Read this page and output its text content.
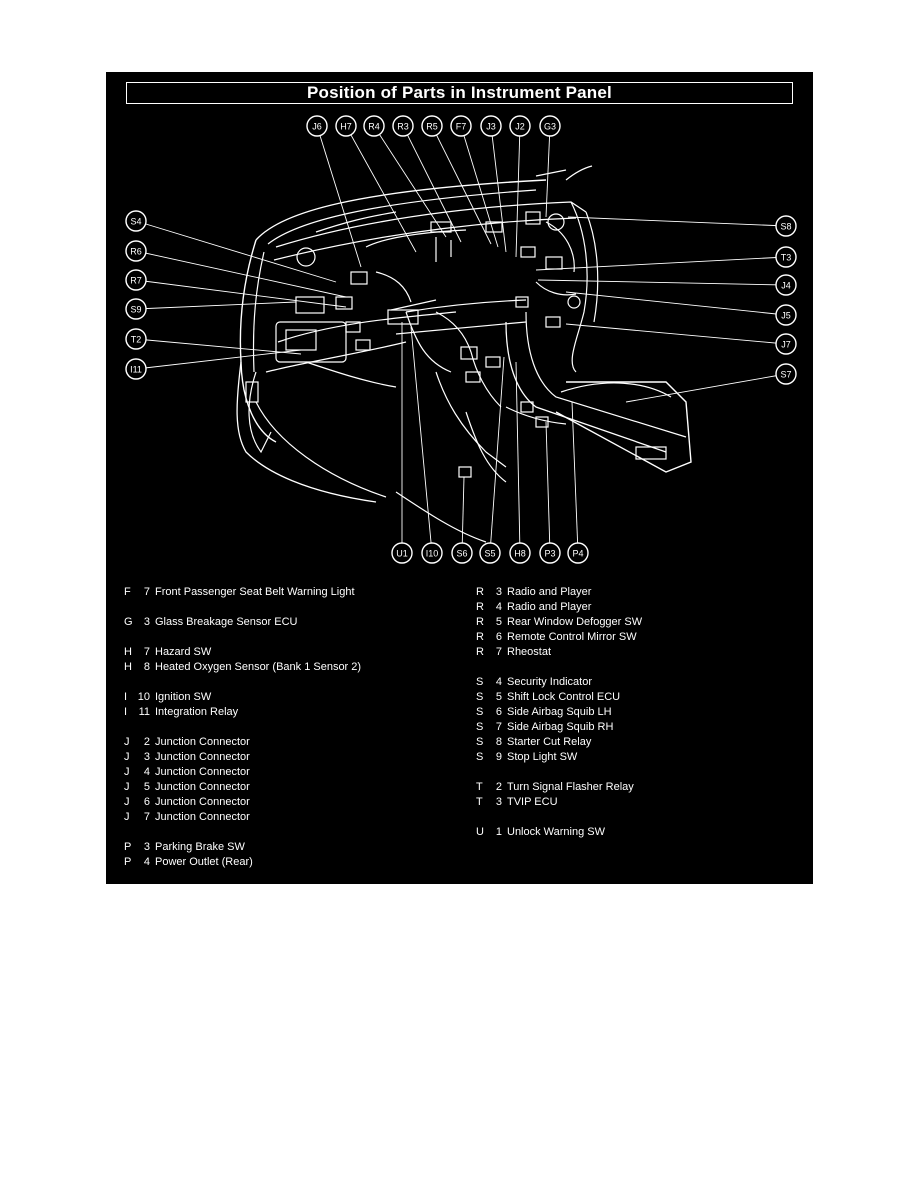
Position of Parts in Instrument Panel
J6 H7 R4 R3 R5 F7 J3 J2 G3
S4
R6
R7
S9
T2
I11
S8
T3
J4
J5
J7
S7
U1 I10 S6 S5 H8 P3 P4
F	7 Front Passenger Seat Belt Warning Light
G	3 Glass Breakage Sensor ECU
H	7 Hazard SW
H	8 Heated Oxygen Sensor (Bank 1 Sensor 2)
I 10 Ignition SW
I 11 Integration Relay
J	2 Junction Connector
J	3 Junction Connector
J	4 Junction Connector
J	5 Junction Connector
J	6 Junction Connector
J	7 Junction Connector
P	3 Parking Brake SW
P	4 Power Outlet (Rear)
R	3 Radio and Player
R	4 Radio and Player
R	5 Rear Window Defogger SW
R	6 Remote Control Mirror SW
R	7 Rheostat
S	4 Security Indicator
S	5 Shift Lock Control ECU
S	6 Side Airbag Squib LH
S	7 Side Airbag Squib RH
S	8 Starter Cut Relay
S	9 Stop Light SW
T	2 Turn Signal Flasher Relay
T	3 TVIP ECU
U	1 Unlock Warning SW
